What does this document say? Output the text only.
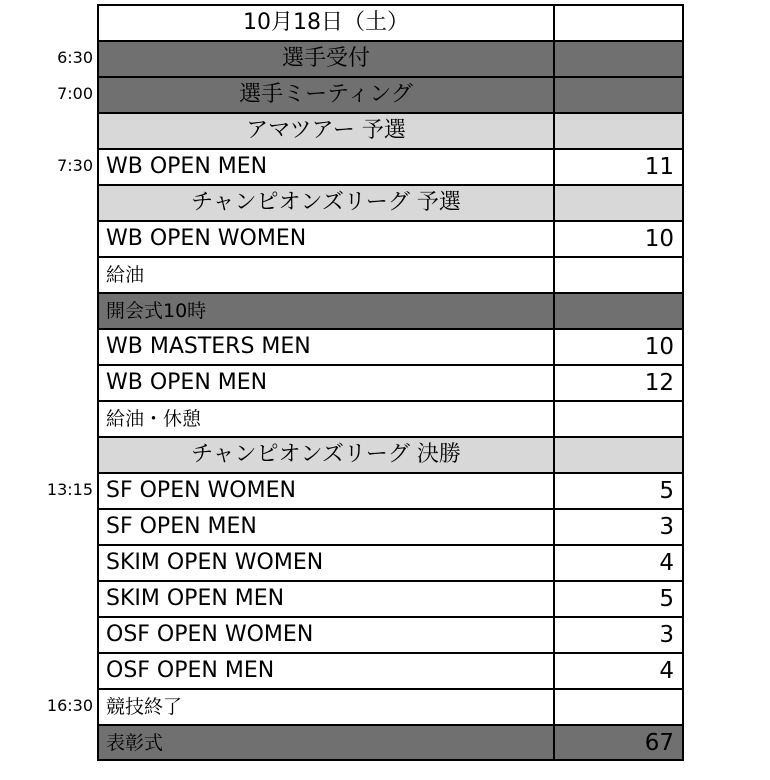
10月18日（土）
6:30	選手受付
7:00	選手ミーティング
アマツアー 予選
7:30 WB OPEN MEN	11
チャンピオンズリーグ 予選
WB OPEN WOMEN	10
給油
開会式10時
WB MASTERS MEN	10
WB OPEN MEN	12
給油・休憩
チャンピオンズリーグ 決勝
13:15 SF OPEN WOMEN	5
SF OPEN MEN	3
SKIM OPEN WOMEN	4
SKIM OPEN MEN	5
OSF OPEN WOMEN	3
OSF OPEN MEN	4
16:30 競技終了
表彰式	67
